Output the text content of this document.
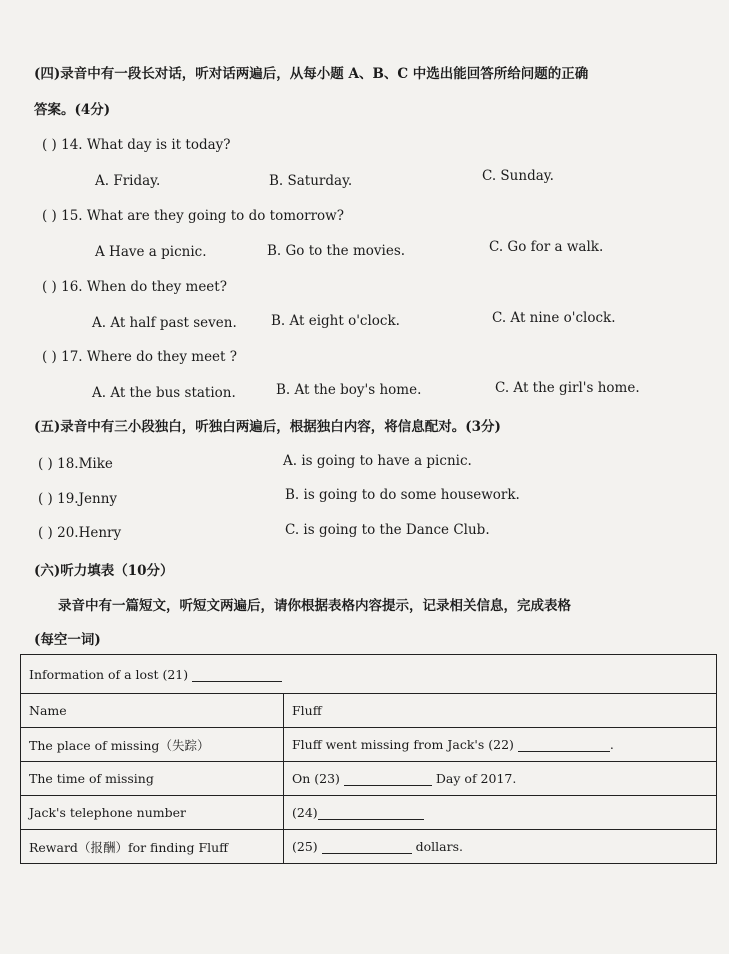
(四)录音中有一段长对话，听对话两遍后，从每小题 A、B、C 中选出能回答所给问题的正确
答案。(4分)
( ) 14. What day is it today?
A. Friday.	B. Saturday.	C. Sunday.
( ) 15. What are they going to do tomorrow?
A Have a picnic.	B. Go to the movies.	C. Go for a walk.
( ) 16. When do they meet?
A. At half past seven.	B. At eight o'clock.	C. At nine o'clock.
( ) 17. Where do they meet ?
A. At the bus station.	B. At the boy's home.	C. At the girl's home.
(五)录音中有三小段独白，听独白两遍后，根据独白内容，将信息配对。(3分)
( ) 18.Mike	A. is going to have a picnic.
( ) 19.Jenny	B. is going to do some housework.
( ) 20.Henry	C. is going to the Dance Club.
(六)听力填表（10分）
录音中有一篇短文，听短文两遍后，请你根据表格内容提示，记录相关信息，完成表格
(每空一词)
Information of a lost (21)	
Name	Fluff
The place of missing（失踪）	Fluff went missing from Jack's (22) .
The time of missing	On (23) Day of 2017.
Jack's telephone number	(24)
Reward（报酬）for finding Fluff	(25) dollars.
